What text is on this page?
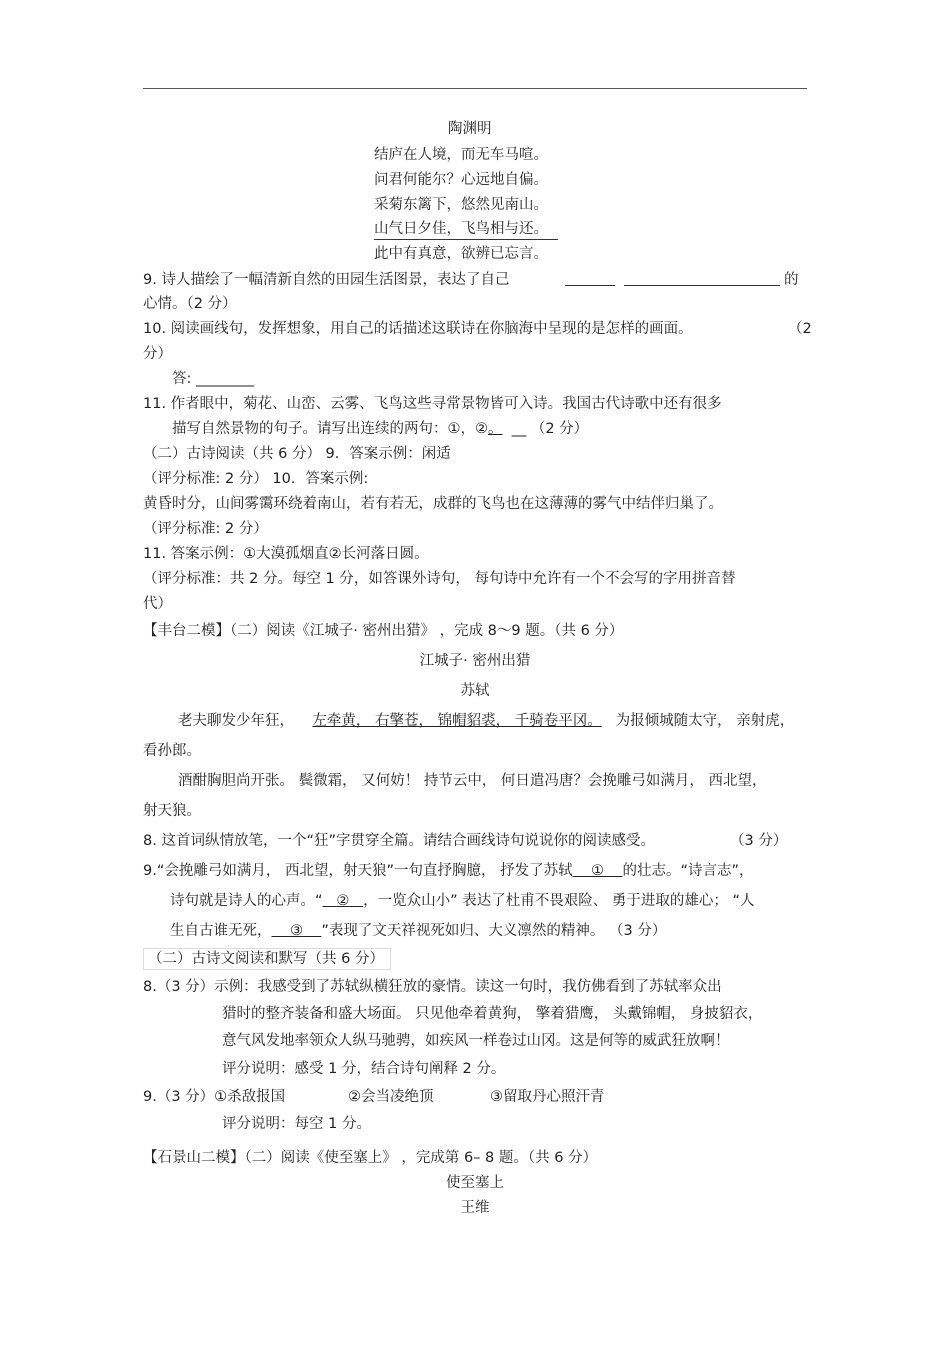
陶渊明
结庐在人境，而无车马喧。
问君何能尔？心远地自偏。
采菊东篱下，悠然见南山。
山气日夕佳，飞鸟相与还。
此中有真意，欲辨已忘言。
9. 诗人描绘了一幅清新自然的田园生活图景，表达了自己
	的
心情。（2 分）
10. 阅读画线句，发挥想象，用自己的话描述这联诗在你脑海中呈现的是怎样的画面。	（2
分）
答: ________
11. 作者眼中，菊花、山峦、云雾、飞鸟这些寻常景物皆可入诗。我国古代诗歌中还有很多
描写自然景物的句子。请写出连续的两句：①，②。 __ （2 分）
（二）古诗阅读（共 6 分） 9．答案示例：闲适
（评分标准: 2 分） 10．答案示例:
黄昏时分，山间雾霭环绕着南山，若有若无，成群的飞鸟也在这薄薄的雾气中结伴归巢了。
（评分标准: 2 分）
11. 答案示例：①大漠孤烟直②长河落日圆。
（评分标准：共 2 分。每空 1 分，如答课外诗句， 每句诗中允许有一个不会写的字用拼音替
代）
【丰台二模】（二）阅读《江城子· 密州出猎》 ，完成 8～9 题。（共 6 分）
江城子· 密州出猎
苏轼
老夫聊发少年狂， 左牵黄， 右擎苍， 锦帽貂裘， 千骑卷平冈。 为报倾城随太守， 亲射虎，
看孙郎。
酒酣胸胆尚开张。 鬓微霜， 又何妨！ 持节云中， 何日遣冯唐？会挽雕弓如满月， 西北望，
射天狼。
8. 这首词纵情放笔，一个“狂”字贯穿全篇。请结合画线诗句说说你的阅读感受。	（3 分）
9.“会挽雕弓如满月， 西北望，射天狼”一句直抒胸臆， 抒发了苏轼 ① 的壮志。“诗言志”，
诗句就是诗人的心声。“ ② ，一览众山小” 表达了杜甫不畏艰险、 勇于进取的雄心； “人
生自古谁无死， ③ ”表现了文天祥视死如归、大义凛然的精神。 （3 分）
（二）古诗文阅读和默写（共 6 分）
8.（3 分）示例：我感受到了苏轼纵横狂放的豪情。读这一句时，我仿佛看到了苏轼率众出
猎时的整齐装备和盛大场面。 只见他牵着黄狗， 擎着猎鹰， 头戴锦帽， 身披貂衣，
意气风发地率领众人纵马驰骋，如疾风一样卷过山冈。这是何等的威武狂放啊！
评分说明：感受 1 分，结合诗句阐释 2 分。
9.（3 分）①杀敌报国	②会当凌绝顶	③留取丹心照汗青
评分说明：每空 1 分。
【石景山二模】（二）阅读《使至塞上》 ，完成第 6– 8 题。（共 6 分）
使至塞上
王维
